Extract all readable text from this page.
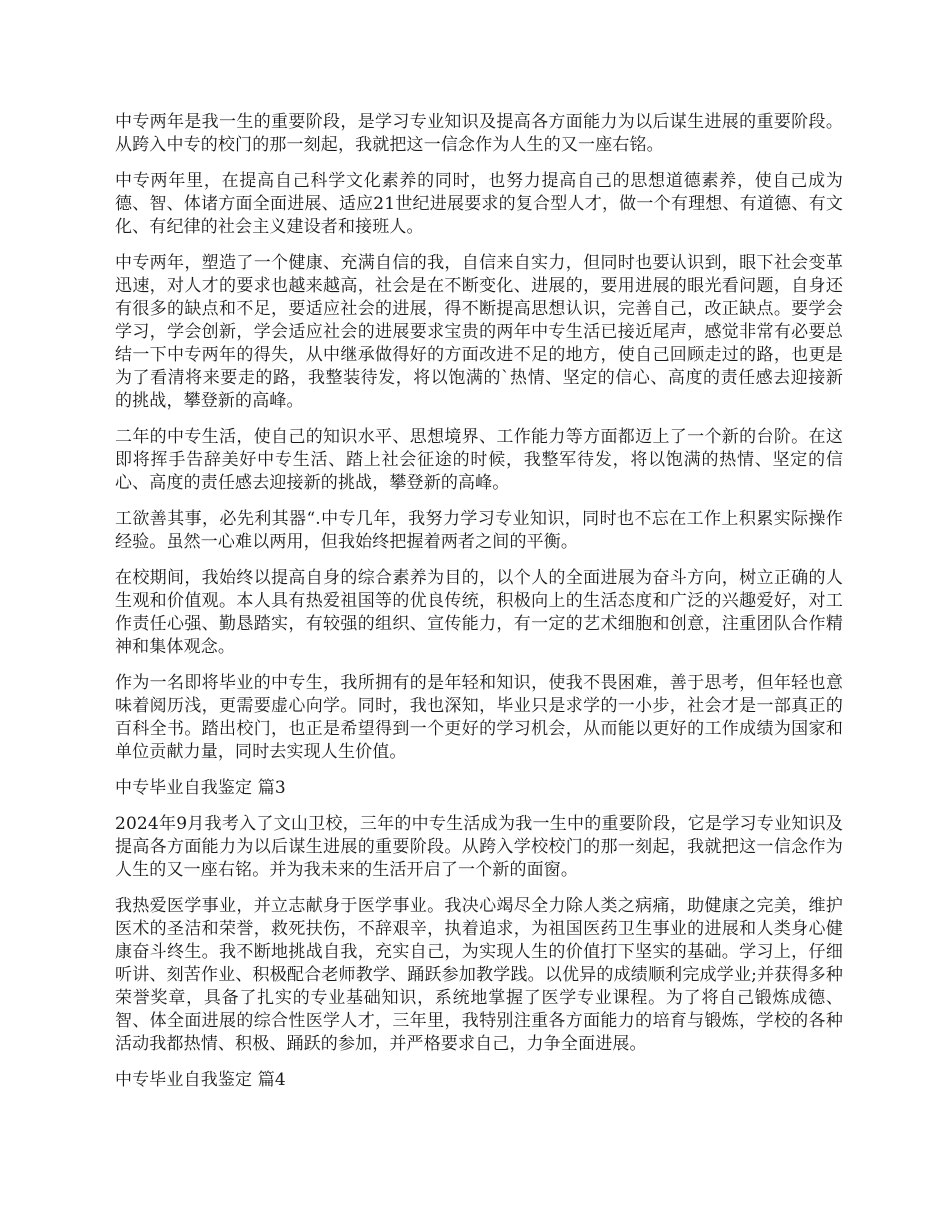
中专两年是我一生的重要阶段，是学习专业知识及提高各方面能力为以后谋生进展的重要阶段。从跨入中专的校门的那一刻起，我就把这一信念作为人生的又一座右铭。

中专两年里，在提高自己科学文化素养的同时，也努力提高自己的思想道德素养，使自己成为德、智、体诸方面全面进展、适应21世纪进展要求的复合型人才，做一个有理想、有道德、有文化、有纪律的社会主义建设者和接班人。

中专两年，塑造了一个健康、充满自信的我，自信来自实力，但同时也要认识到，眼下社会变革迅速，对人才的要求也越来越高，社会是在不断变化、进展的，要用进展的眼光看问题，自身还有很多的缺点和不足，要适应社会的进展，得不断提高思想认识，完善自己，改正缺点。要学会学习，学会创新，学会适应社会的进展要求宝贵的两年中专生活已接近尾声，感觉非常有必要总结一下中专两年的得失，从中继承做得好的方面改进不足的地方，使自己回顾走过的路，也更是为了看清将来要走的路，我整装待发，将以饱满的`热情、坚定的信心、高度的责任感去迎接新的挑战，攀登新的高峰。

二年的中专生活，使自己的知识水平、思想境界、工作能力等方面都迈上了一个新的台阶。在这即将挥手告辞美好中专生活、踏上社会征途的时候，我整军待发，将以饱满的热情、坚定的信心、高度的责任感去迎接新的挑战，攀登新的高峰。

工欲善其事，必先利其器“.中专几年，我努力学习专业知识，同时也不忘在工作上积累实际操作经验。虽然一心难以两用，但我始终把握着两者之间的平衡。

在校期间，我始终以提高自身的综合素养为目的，以个人的全面进展为奋斗方向，树立正确的人生观和价值观。本人具有热爱祖国等的优良传统，积极向上的生活态度和广泛的兴趣爱好，对工作责任心强、勤恳踏实，有较强的组织、宣传能力，有一定的艺术细胞和创意，注重团队合作精神和集体观念。

作为一名即将毕业的中专生，我所拥有的是年轻和知识，使我不畏困难，善于思考，但年轻也意味着阅历浅，更需要虚心向学。同时，我也深知，毕业只是求学的一小步，社会才是一部真正的百科全书。踏出校门，也正是希望得到一个更好的学习机会，从而能以更好的工作成绩为国家和单位贡献力量，同时去实现人生价值。

中专毕业自我鉴定 篇3

2024年9月我考入了文山卫校，三年的中专生活成为我一生中的重要阶段，它是学习专业知识及提高各方面能力为以后谋生进展的重要阶段。从跨入学校校门的那一刻起，我就把这一信念作为人生的又一座右铭。并为我未来的生活开启了一个新的面窗。

我热爱医学事业，并立志献身于医学事业。我决心竭尽全力除人类之病痛，助健康之完美，维护医术的圣洁和荣誉，救死扶伤，不辞艰辛，执着追求，为祖国医药卫生事业的进展和人类身心健康奋斗终生。我不断地挑战自我，充实自己，为实现人生的价值打下坚实的基础。学习上，仔细听讲、刻苦作业、积极配合老师教学、踊跃参加教学践。以优异的成绩顺利完成学业;并获得多种荣誉奖章，具备了扎实的专业基础知识，系统地掌握了医学专业课程。为了将自己锻炼成德、智、体全面进展的综合性医学人才，三年里，我特别注重各方面能力的培育与锻炼，学校的各种活动我都热情、积极、踊跃的参加，并严格要求自己，力争全面进展。

中专毕业自我鉴定 篇4
